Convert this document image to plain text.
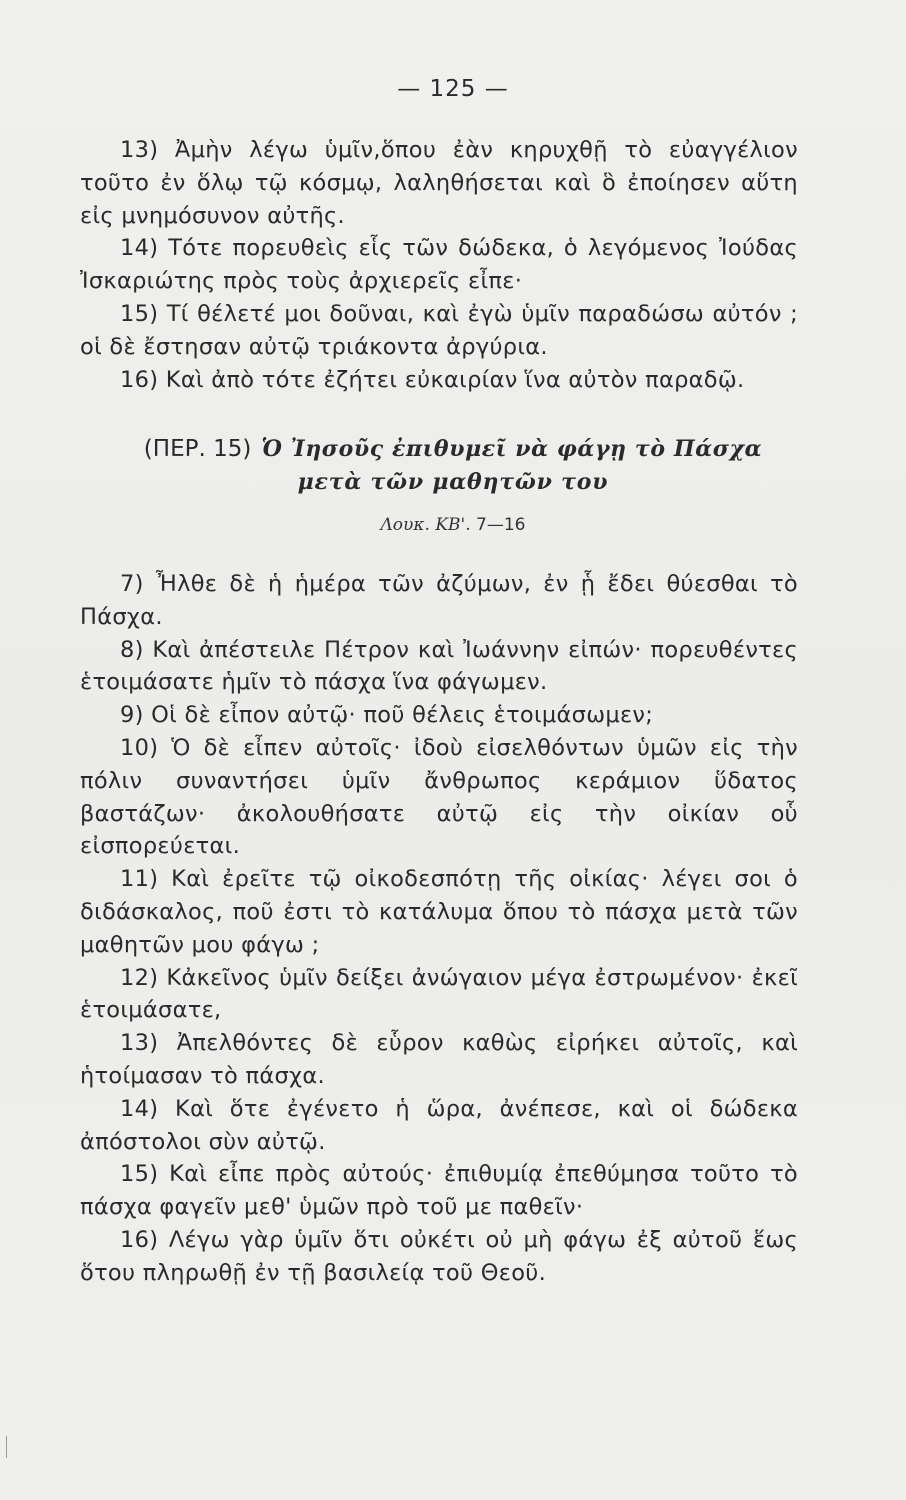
— 125 —

13) Ἀμὴν λέγω ὑμῖν,ὅπου ἐὰν κηρυχθῇ τὸ εὐαγγέλιον τοῦτο ἐν ὅλῳ τῷ κόσμῳ, λαληθήσεται καὶ ὃ ἐποίησεν αὕτη εἰς μνημόσυνον αὐτῆς.

14) Τότε πορευθεὶς εἷς τῶν δώδεκα, ὁ λεγόμενος Ἰούδας Ἰσκαριώτης πρὸς τοὺς ἀρχιερεῖς εἶπε·

15) Τί θέλετέ μοι δοῦναι, καὶ ἐγὼ ὑμῖν παραδώσω αὐτόν ; οἱ δὲ ἔστησαν αὐτῷ τριάκοντα ἀργύρια.

16) Καὶ ἀπὸ τότε ἐζήτει εὐκαιρίαν ἵνα αὐτὸν παραδῷ.

(ΠΕΡ. 15) Ὁ Ἰησοῦς ἐπιθυμεῖ νὰ φάγῃ τὸ Πάσχα
μετὰ τῶν μαθητῶν του
Λουκ. ΚΒ'. 7—16

7) Ἦλθε δὲ ἡ ἡμέρα τῶν ἀζύμων, ἐν ᾗ ἔδει θύεσθαι τὸ Πάσχα.

8) Καὶ ἀπέστειλε Πέτρον καὶ Ἰωάννην εἰπών· πορευθέντες ἑτοιμάσατε ἡμῖν τὸ πάσχα ἵνα φάγωμεν.

9) Οἱ δὲ εἶπον αὐτῷ· ποῦ θέλεις ἑτοιμάσωμεν;

10) Ὁ δὲ εἶπεν αὐτοῖς· ἰδοὺ εἰσελθόντων ὑμῶν εἰς τὴν πόλιν συναντήσει ὑμῖν ἄνθρωπος κεράμιον ὕδατος βαστάζων· ἀκολουθήσατε αὐτῷ εἰς τὴν οἰκίαν οὗ εἰσπορεύεται.

11) Καὶ ἐρεῖτε τῷ οἰκοδεσπότῃ τῆς οἰκίας· λέγει σοι ὁ διδάσκαλος, ποῦ ἐστι τὸ κατάλυμα ὅπου τὸ πάσχα μετὰ τῶν μαθητῶν μου φάγω ;

12) Κἀκεῖνος ὑμῖν δείξει ἀνώγαιον μέγα ἐστρωμένον· ἐκεῖ ἑτοιμάσατε,

13) Ἀπελθόντες δὲ εὗρον καθὼς εἰρήκει αὐτοῖς, καὶ ἡτοίμασαν τὸ πάσχα.

14) Καὶ ὅτε ἐγένετο ἡ ὥρα, ἀνέπεσε, καὶ οἱ δώδεκα ἀπόστολοι σὺν αὐτῷ.

15) Καὶ εἶπε πρὸς αὐτούς· ἐπιθυμίᾳ ἐπεθύμησα τοῦτο τὸ πάσχα φαγεῖν μεθ' ὑμῶν πρὸ τοῦ με παθεῖν·

16) Λέγω γὰρ ὑμῖν ὅτι οὐκέτι οὐ μὴ φάγω ἐξ αὐτοῦ ἕως ὅτου πληρωθῇ ἐν τῇ βασιλείᾳ τοῦ Θεοῦ.
